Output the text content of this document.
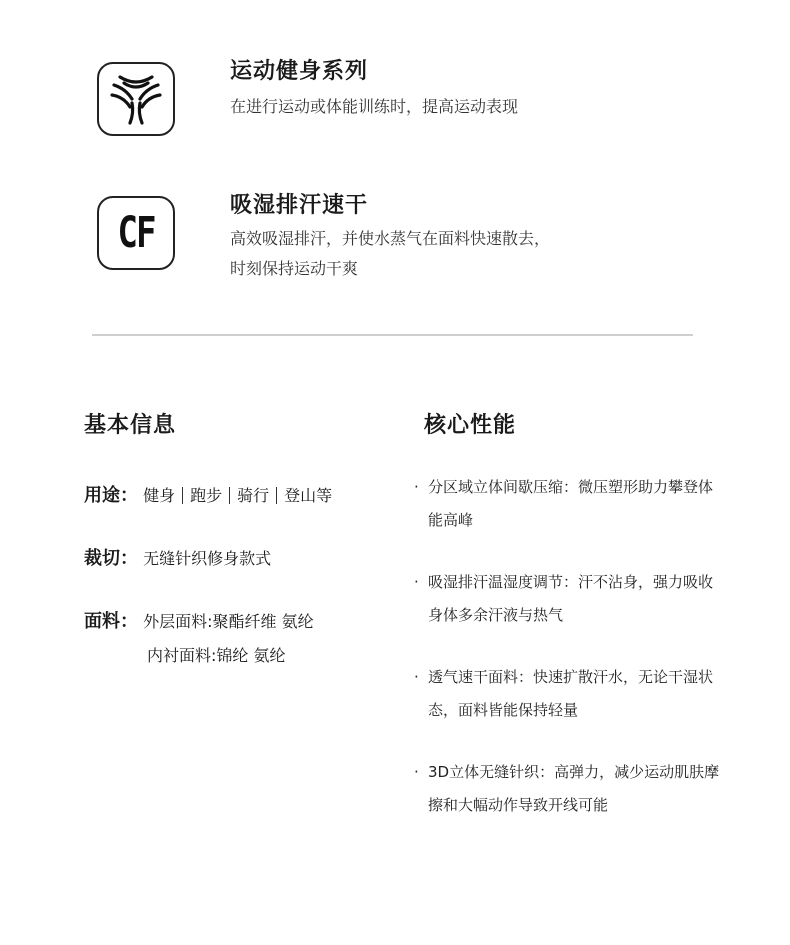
运动健身系列
在进行运动或体能训练时，提高运动表现
CF
吸湿排汗速干
高效吸湿排汗，并使水蒸气在面料快速散去，
时刻保持运动干爽
基本信息
用途： 健身 跑步 骑行 登山等
裁切： 无缝针织修身款式
面料： 外层面料:聚酯纤维 氨纶
内衬面料:锦纶 氨纶
核心性能
· 分区域立体间歇压缩：微压塑形助力攀登体能高峰
· 吸湿排汗温湿度调节：汗不沾身，强力吸收身体多余汗液与热气
· 透气速干面料：快速扩散汗水，无论干湿状态，面料皆能保持轻量
· 3D立体无缝针织：高弹力，减少运动肌肤摩擦和大幅动作导致开线可能
